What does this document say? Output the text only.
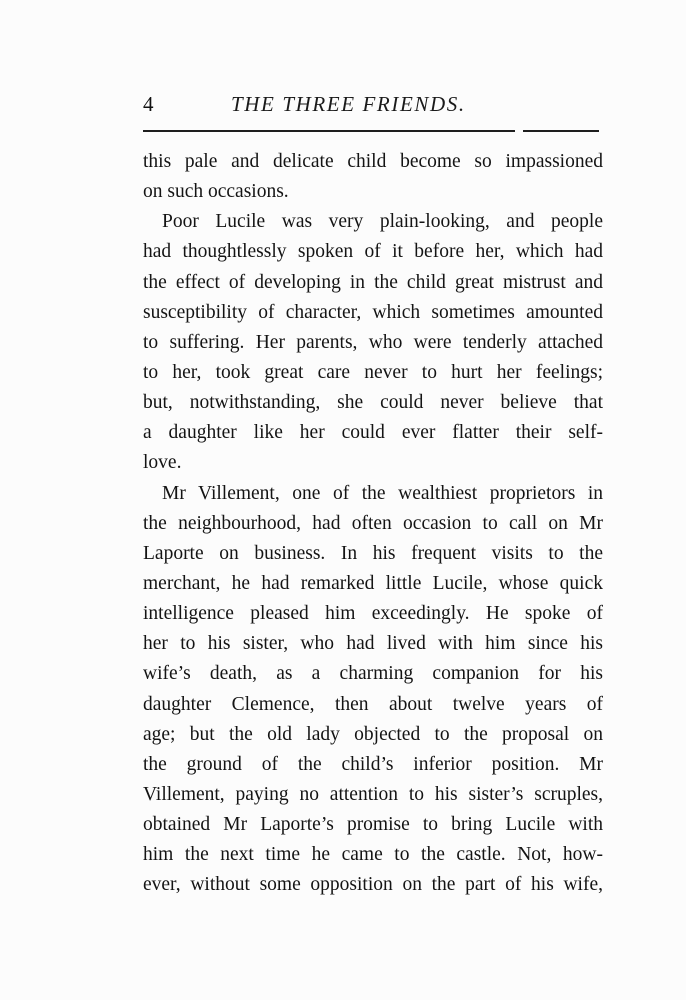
4	THE THREE FRIENDS.
this pale and delicate child become so impassioned
on such occasions.
Poor Lucile was very plain-looking, and people
had thoughtlessly spoken of it before her, which had
the effect of developing in the child great mistrust and
susceptibility of character, which sometimes amounted
to suffering. Her parents, who were tenderly attached
to her, took great care never to hurt her feelings;
but, notwithstanding, she could never believe that
a daughter like her could ever flatter their self-
love.
Mr Villement, one of the wealthiest proprietors in
the neighbourhood, had often occasion to call on Mr
Laporte on business. In his frequent visits to the
merchant, he had remarked little Lucile, whose quick
intelligence pleased him exceedingly. He spoke of
her to his sister, who had lived with him since his
wife’s death, as a charming companion for his
daughter Clemence, then about twelve years of
age; but the old lady objected to the proposal on
the ground of the child’s inferior position. Mr
Villement, paying no attention to his sister’s scruples,
obtained Mr Laporte’s promise to bring Lucile with
him the next time he came to the castle. Not, how-
ever, without some opposition on the part of his wife,
